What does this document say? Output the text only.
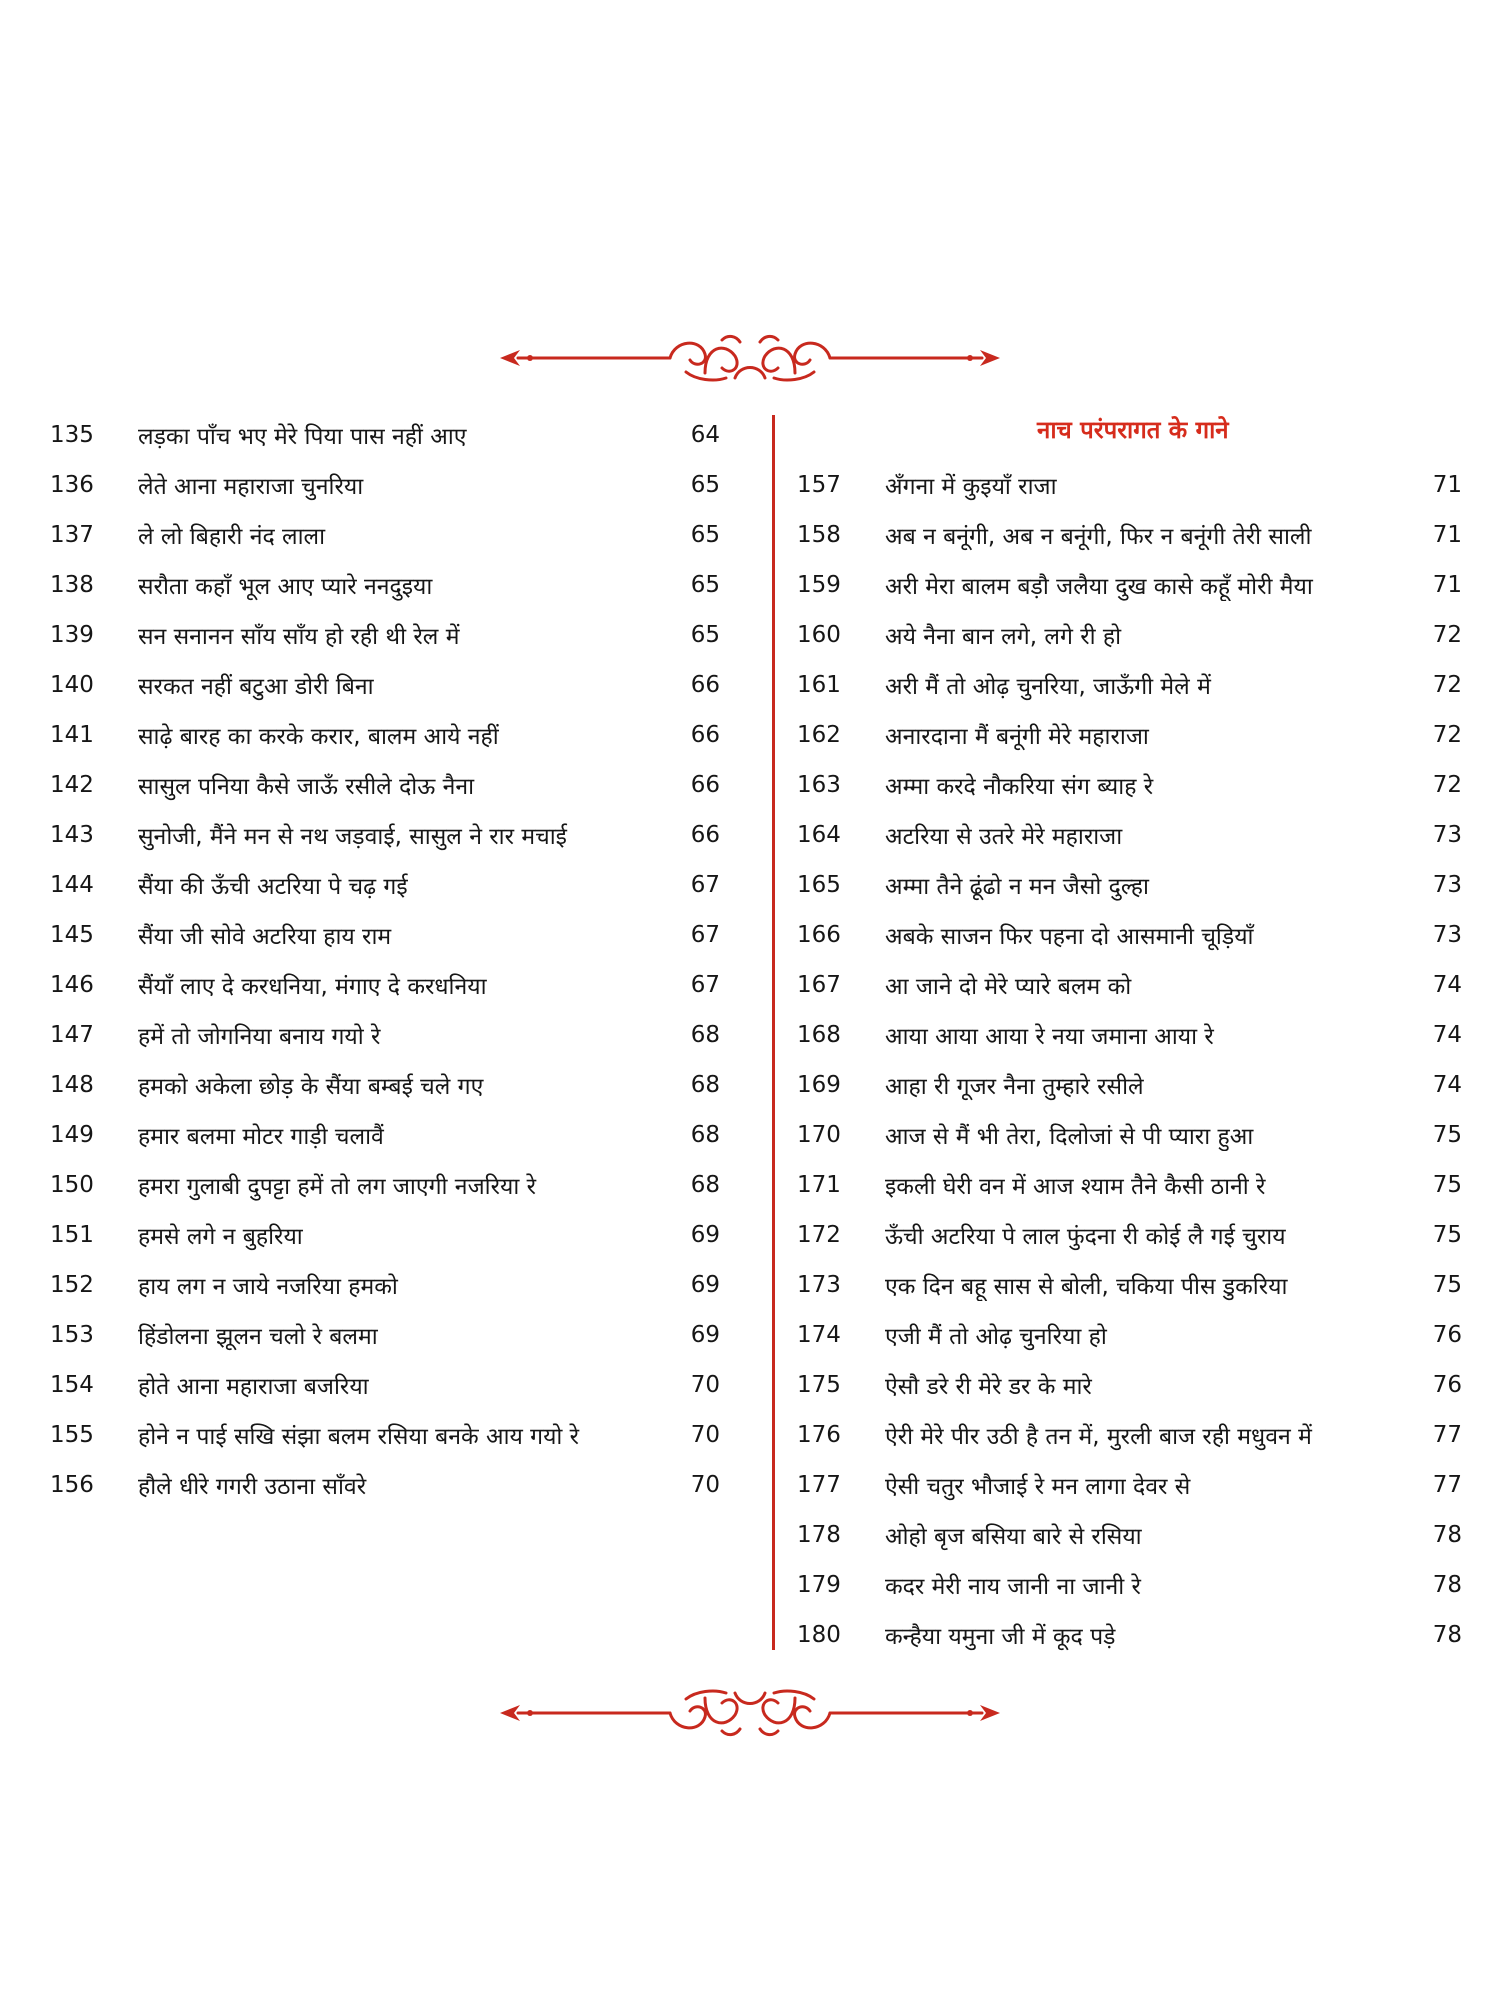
135	लड़का पाँच भए मेरे पिया पास नहीं आए	64
136	लेते आना महाराजा चुनरिया	65
137	ले लो बिहारी नंद लाला	65
138	सरौता कहाँ भूल आए प्यारे ननदुइया	65
139	सन सनानन साँय साँय हो रही थी रेल में	65
140	सरकत नहीं बटुआ डोरी बिना	66
141	साढ़े बारह का करके करार, बालम आये नहीं	66
142	सासुल पनिया कैसे जाऊँ रसीले दोऊ नैना	66
143	सुनोजी, मैंने मन से नथ जड़वाई, सासुल ने रार मचाई	66
144	सैंया की ऊँची अटरिया पे चढ़ गई	67
145	सैंया जी सोवे अटरिया हाय राम	67
146	सैंयाँ लाए दे करधनिया, मंगाए दे करधनिया	67
147	हमें तो जोगनिया बनाय गयो रे	68
148	हमको अकेला छोड़ के सैंया बम्बई चले गए	68
149	हमार बलमा मोटर गाड़ी चलावैं	68
150	हमरा गुलाबी दुपट्टा हमें तो लग जाएगी नजरिया रे	68
151	हमसे लगे न बुहरिया	69
152	हाय लग न जाये नजरिया हमको	69
153	हिंडोलना झूलन चलो रे बलमा	69
154	होते आना महाराजा बजरिया	70
155	होने न पाई सखि संझा बलम रसिया बनके आय गयो रे	70
156	हौले धीरे गगरी उठाना साँवरे	70
नाच परंपरागत के गाने
157	अँगना में कुइयाँ राजा	71
158	अब न बनूंगी, अब न बनूंगी, फिर न बनूंगी तेरी साली	71
159	अरी मेरा बालम बड़ौ जलैया दुख कासे कहूँ मोरी मैया	71
160	अये नैना बान लगे, लगे री हो	72
161	अरी मैं तो ओढ़ चुनरिया, जाऊँगी मेले में	72
162	अनारदाना मैं बनूंगी मेरे महाराजा	72
163	अम्मा करदे नौकरिया संग ब्याह रे	72
164	अटरिया से उतरे मेरे महाराजा	73
165	अम्मा तैने ढूंढो न मन जैसो दुल्हा	73
166	अबके साजन फिर पहना दो आसमानी चूड़ियाँ	73
167	आ जाने दो मेरे प्यारे बलम को	74
168	आया आया आया रे नया जमाना आया रे	74
169	आहा री गूजर नैना तुम्हारे रसीले	74
170	आज से मैं भी तेरा, दिलोजां से पी प्यारा हुआ	75
171	इकली घेरी वन में आज श्याम तैने कैसी ठानी रे	75
172	ऊँची अटरिया पे लाल फुंदना री कोई लै गई चुराय	75
173	एक दिन बहू सास से बोली, चकिया पीस डुकरिया	75
174	एजी मैं तो ओढ़ चुनरिया हो	76
175	ऐसौ डरे री मेरे डर के मारे	76
176	ऐरी मेरे पीर उठी है तन में, मुरली बाज रही मधुवन में	77
177	ऐसी चतुर भौजाई रे मन लागा देवर से	77
178	ओहो बृज बसिया बारे से रसिया	78
179	कदर मेरी नाय जानी ना जानी रे	78
180	कन्हैया यमुना जी में कूद पड़े	78
